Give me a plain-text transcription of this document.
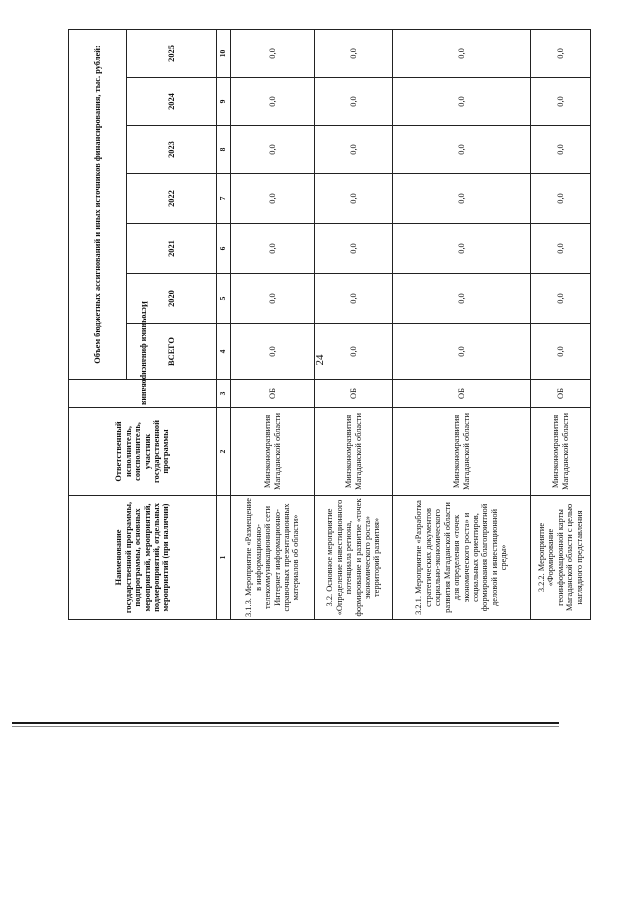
24
Наименование государственной программы, подпрограммы, основных мероприятий, мероприятий, подмероприятий, отдельных мероприятий (при наличии)	Ответственный исполнитель, соисполнитель, участник государственной программы	Источники финансирования	Объем бюджетных ассигнований и иных источников финансирования, тыс. рублей:						
			ВСЕГО	2020	2021	2022	2023	2024	2025
1	2	3	4	5	6	7	8	9	10
3.1.3. Мероприятие «Размещение в информационно-телекоммуникационной сети Интернет информационно-справочных презентационных материалов об области»	Минэкономразвития Магаданской области	ОБ	0,0	0,0	0,0	0,0	0,0	0,0	0,0
3.2. Основное мероприятие «Определение инвестиционного потенциала региона, формирование и развитие «точек экономического роста» территорий развития»	Минэкономразвития Магаданской области	ОБ	0,0	0,0	0,0	0,0	0,0	0,0	0,0
3.2.1. Мероприятие «Разработка стратегических документов социально-экономического развития Магаданской области для определения «точек экономического роста» и социальных ориентиров, формирования благоприятной деловой и инвестиционной среды»	Минэкономразвития Магаданской области	ОБ	0,0	0,0	0,0	0,0	0,0	0,0	0,0
3.2.2. Мероприятие «Формирование геоинформационной карты Магаданской области с целью наглядного представления	Минэкономразвития Магаданской области	ОБ	0,0	0,0	0,0	0,0	0,0	0,0	0,0
